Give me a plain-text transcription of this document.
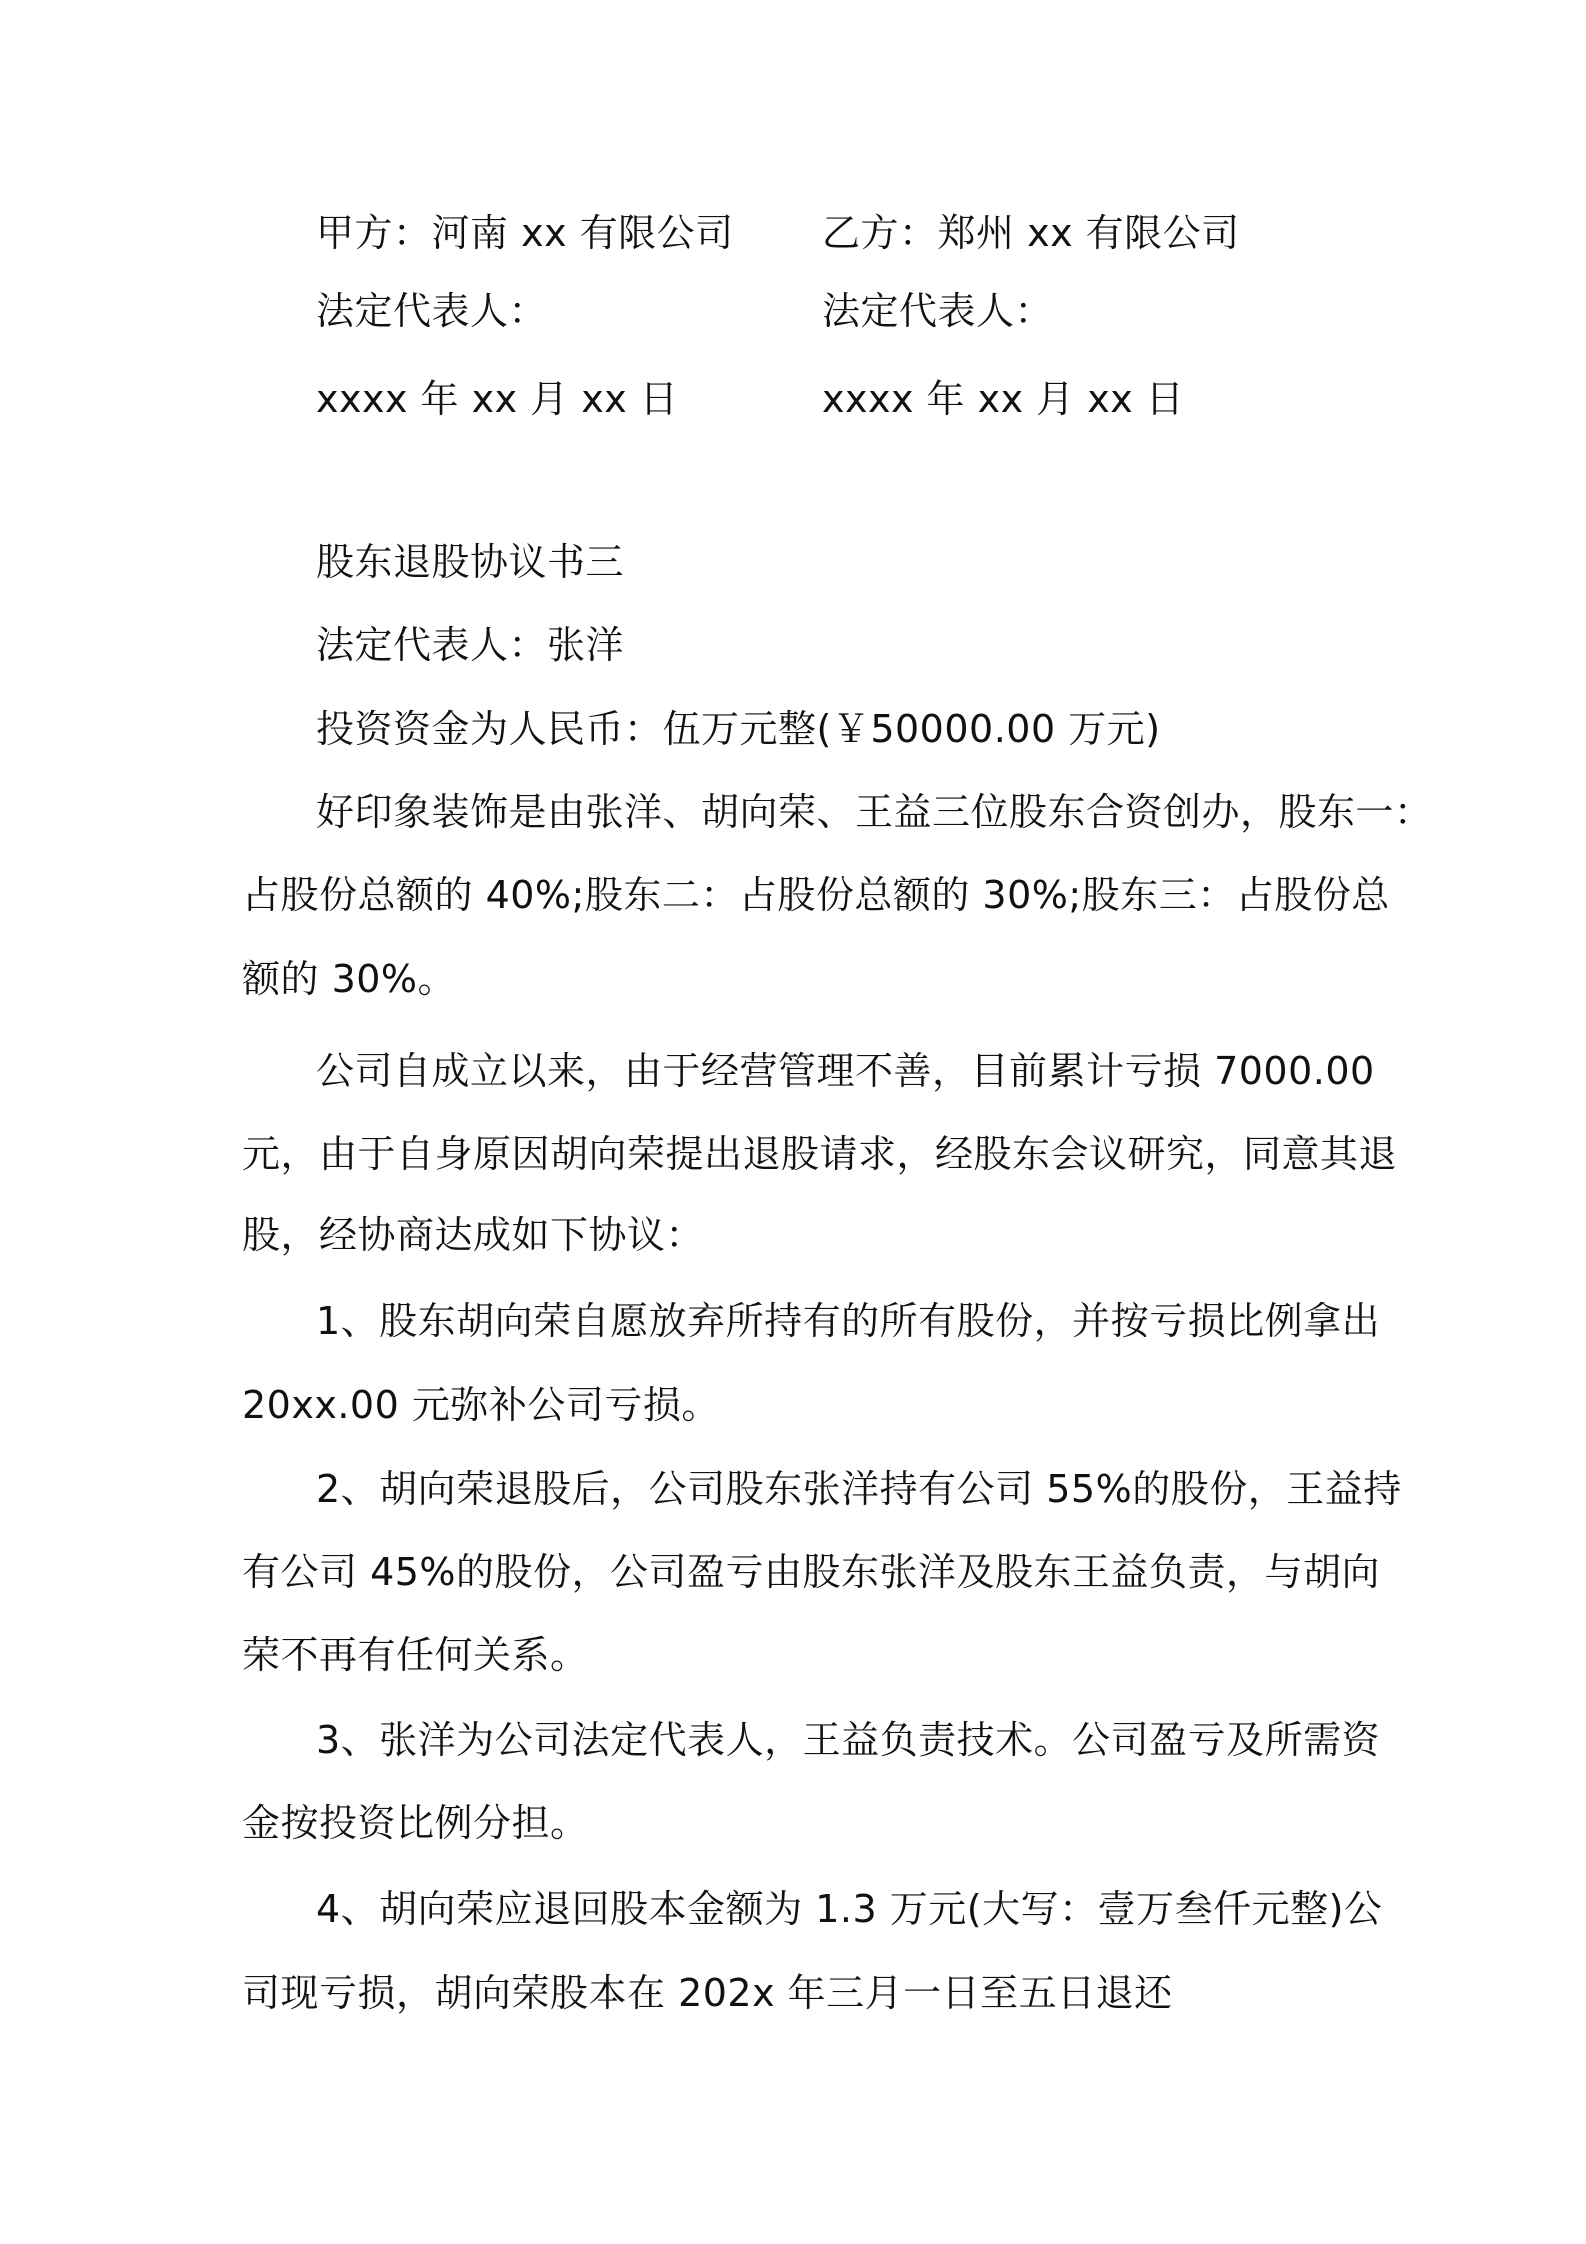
甲方：河南 xx 有限公司 乙方：郑州 xx 有限公司
法定代表人：	法定代表人：
xxxx 年 xx 月 xx 日	xxxx 年 xx 月 xx 日
股东退股协议书三
法定代表人：张洋
投资资金为人民币：伍万元整(￥50000.00 万元)
好印象装饰是由张洋、胡向荣、王益三位股东合资创办，股东一：
占股份总额的 40%;股东二：占股份总额的 30%;股东三：占股份总
额的 30%。
公司自成立以来，由于经营管理不善，目前累计亏损 7000.00
元，由于自身原因胡向荣提出退股请求，经股东会议研究，同意其退
股，经协商达成如下协议：
1、股东胡向荣自愿放弃所持有的所有股份，并按亏损比例拿出
20xx.00 元弥补公司亏损。
2、胡向荣退股后，公司股东张洋持有公司 55%的股份，王益持
有公司 45%的股份，公司盈亏由股东张洋及股东王益负责，与胡向
荣不再有任何关系。
3、张洋为公司法定代表人，王益负责技术。公司盈亏及所需资
金按投资比例分担。
4、胡向荣应退回股本金额为 1.3 万元(大写：壹万叁仟元整)公
司现亏损，胡向荣股本在 202x 年三月一日至五日退还
